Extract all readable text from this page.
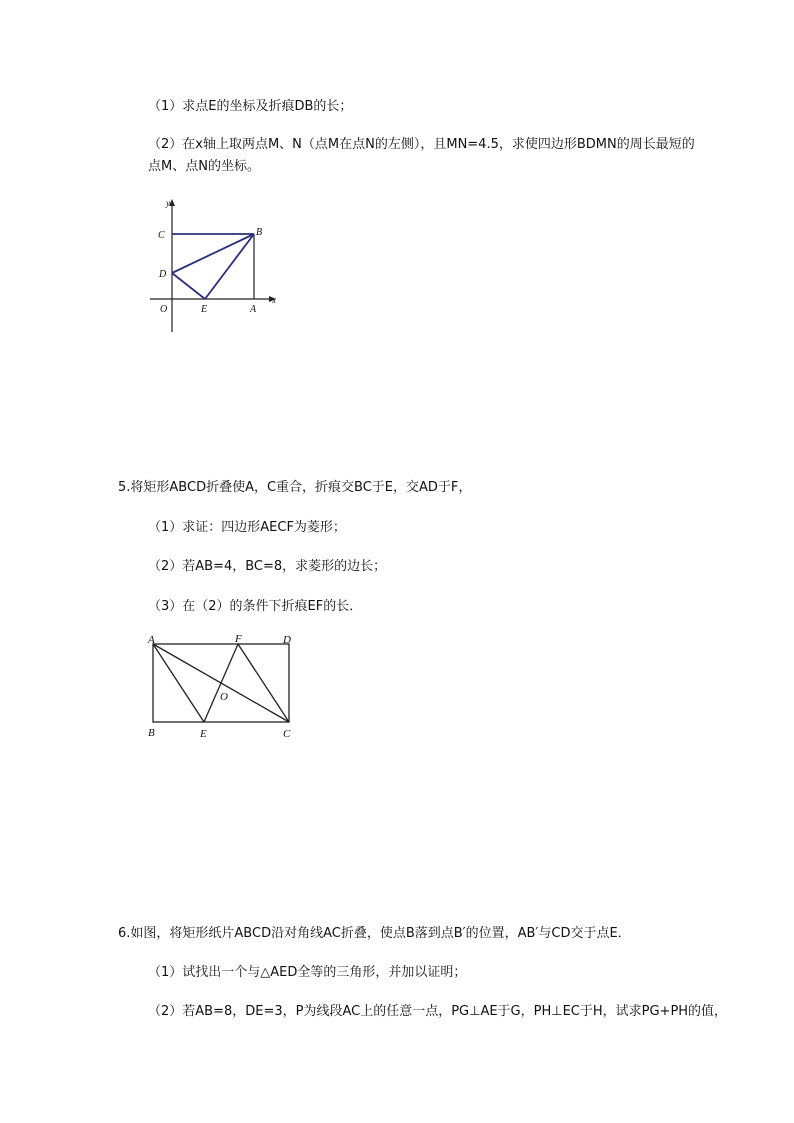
（1）求点E的坐标及折痕DB的长；
（2）在x轴上取两点M、N（点M在点N的左侧），且MN=4.5，求使四边形BDMN的周长最短的
点M、点N的坐标。
y
x
C	B
D
O	E	A
5.将矩形ABCD折叠使A，C重合，折痕交BC于E，交AD于F，
（1）求证：四边形AECF为菱形；
（2）若AB=4，BC=8，求菱形的边长；
（3）在（2）的条件下折痕EF的长．
A	F	D
O
B	E	C
6.如图，将矩形纸片ABCD沿对角线AC折叠，使点B落到点B′的位置，AB′与CD交于点E．
（1）试找出一个与△AED全等的三角形，并加以证明；
（2）若AB=8，DE=3，P为线段AC上的任意一点，PG⊥AE于G，PH⊥EC于H，试求PG+PH的值，
